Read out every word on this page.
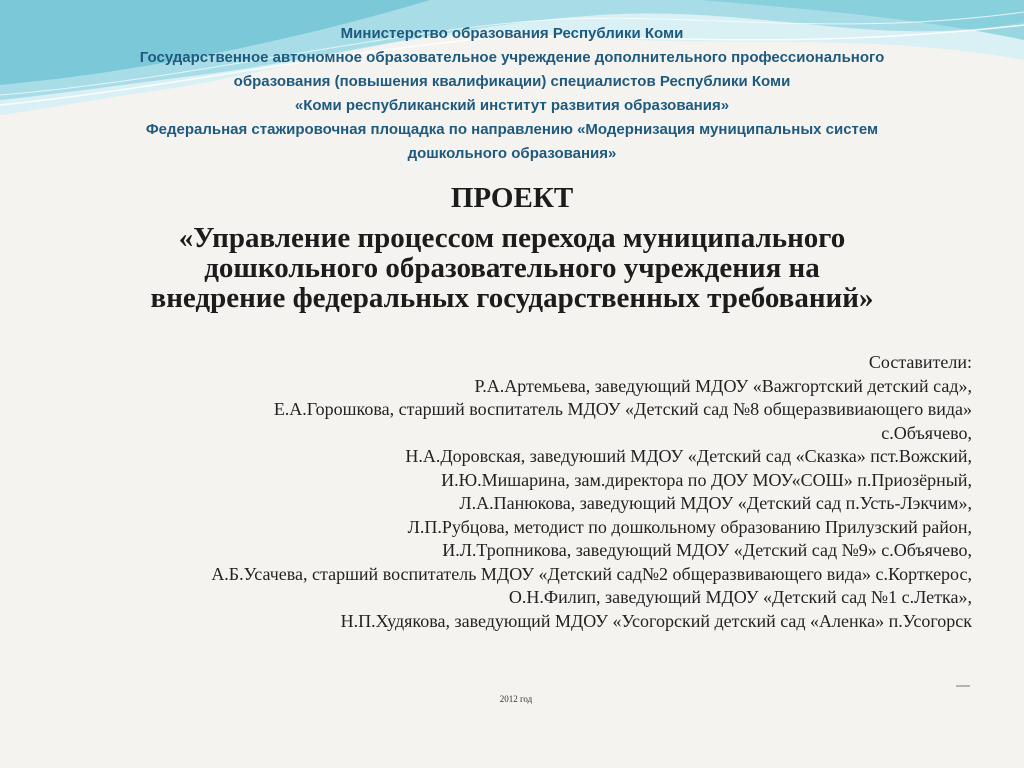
Министерство образования Республики Коми
Государственное автономное образовательное учреждение дополнительного профессионального
образования (повышения квалификации) специалистов Республики Коми
«Коми республиканский институт развития образования»
Федеральная стажировочная площадка по направлению «Модернизация муниципальных систем
дошкольного образования»
ПРОЕКТ
«Управление процессом перехода муниципального
дошкольного образовательного учреждения на
внедрение федеральных государственных требований»
Составители:
Р.А.Артемьева, заведующий МДОУ «Важгортский детский сад»,
Е.А.Горошкова, старший воспитатель МДОУ «Детский сад №8 общеразвивиающего вида»
с.Объячево,
Н.А.Доровская, заведуюший МДОУ «Детский сад «Сказка» пст.Вожский,
И.Ю.Мишарина, зам.директора по ДОУ МОУ«СОШ» п.Приозёрный,
Л.А.Панюкова, заведующий МДОУ «Детский сад п.Усть-Лэкчим»,
Л.П.Рубцова, методист по дошкольному образованию Прилузский район,
И.Л.Тропникова, заведующий МДОУ «Детский сад №9» с.Объячево,
А.Б.Усачева, старший воспитатель МДОУ «Детский сад№2 общеразвивающего вида» с.Корткерос,
О.Н.Филип, заведующий МДОУ «Детский сад №1 с.Летка»,
Н.П.Худякова, заведующий МДОУ «Усогорский детский сад «Аленка» п.Усогорск
2012 год
